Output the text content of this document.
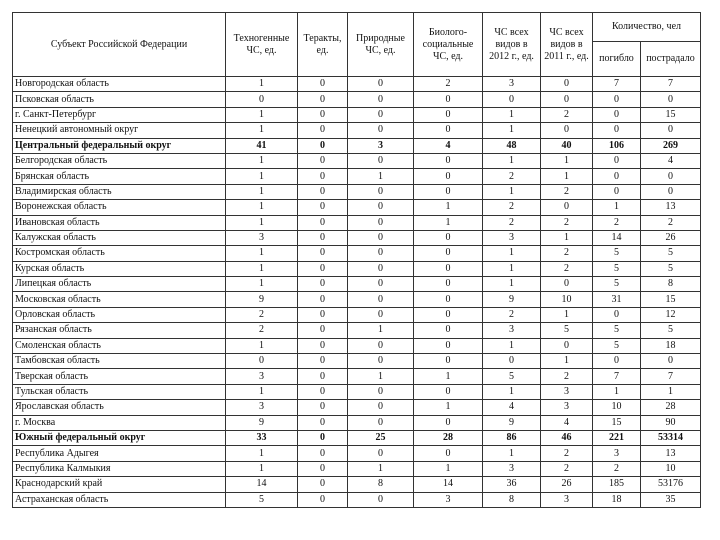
Субъект Российской Федерации	Техногенные ЧС, ед.	Теракты, ед.	Природные ЧС, ед.	Биолого-социальные ЧС, ед.	ЧС всех видов в 2012 г., ед.	ЧС всех видов в 2011 г., ед.	Количество, чел	
							погибло	пострадало
Новгородская область	1	0	0	2	3	0	7	7
Псковская область	0	0	0	0	0	0	0	0
г. Санкт-Петербург	1	0	0	0	1	2	0	15
Ненецкий автономный округ	1	0	0	0	1	0	0	0
Центральный федеральный округ	41	0	3	4	48	40	106	269
Белгородская область	1	0	0	0	1	1	0	4
Брянская область	1	0	1	0	2	1	0	0
Владимирская область	1	0	0	0	1	2	0	0
Воронежская область	1	0	0	1	2	0	1	13
Ивановская область	1	0	0	1	2	2	2	2
Калужская область	3	0	0	0	3	1	14	26
Костромская область	1	0	0	0	1	2	5	5
Курская область	1	0	0	0	1	2	5	5
Липецкая область	1	0	0	0	1	0	5	8
Московская область	9	0	0	0	9	10	31	15
Орловская область	2	0	0	0	2	1	0	12
Рязанская область	2	0	1	0	3	5	5	5
Смоленская область	1	0	0	0	1	0	5	18
Тамбовская область	0	0	0	0	0	1	0	0
Тверская область	3	0	1	1	5	2	7	7
Тульская область	1	0	0	0	1	3	1	1
Ярославская область	3	0	0	1	4	3	10	28
г. Москва	9	0	0	0	9	4	15	90
Южный федеральный округ	33	0	25	28	86	46	221	53314
Республика Адыгея	1	0	0	0	1	2	3	13
Республика Калмыкия	1	0	1	1	3	2	2	10
Краснодарский край	14	0	8	14	36	26	185	53176
Астраханская область	5	0	0	3	8	3	18	35
